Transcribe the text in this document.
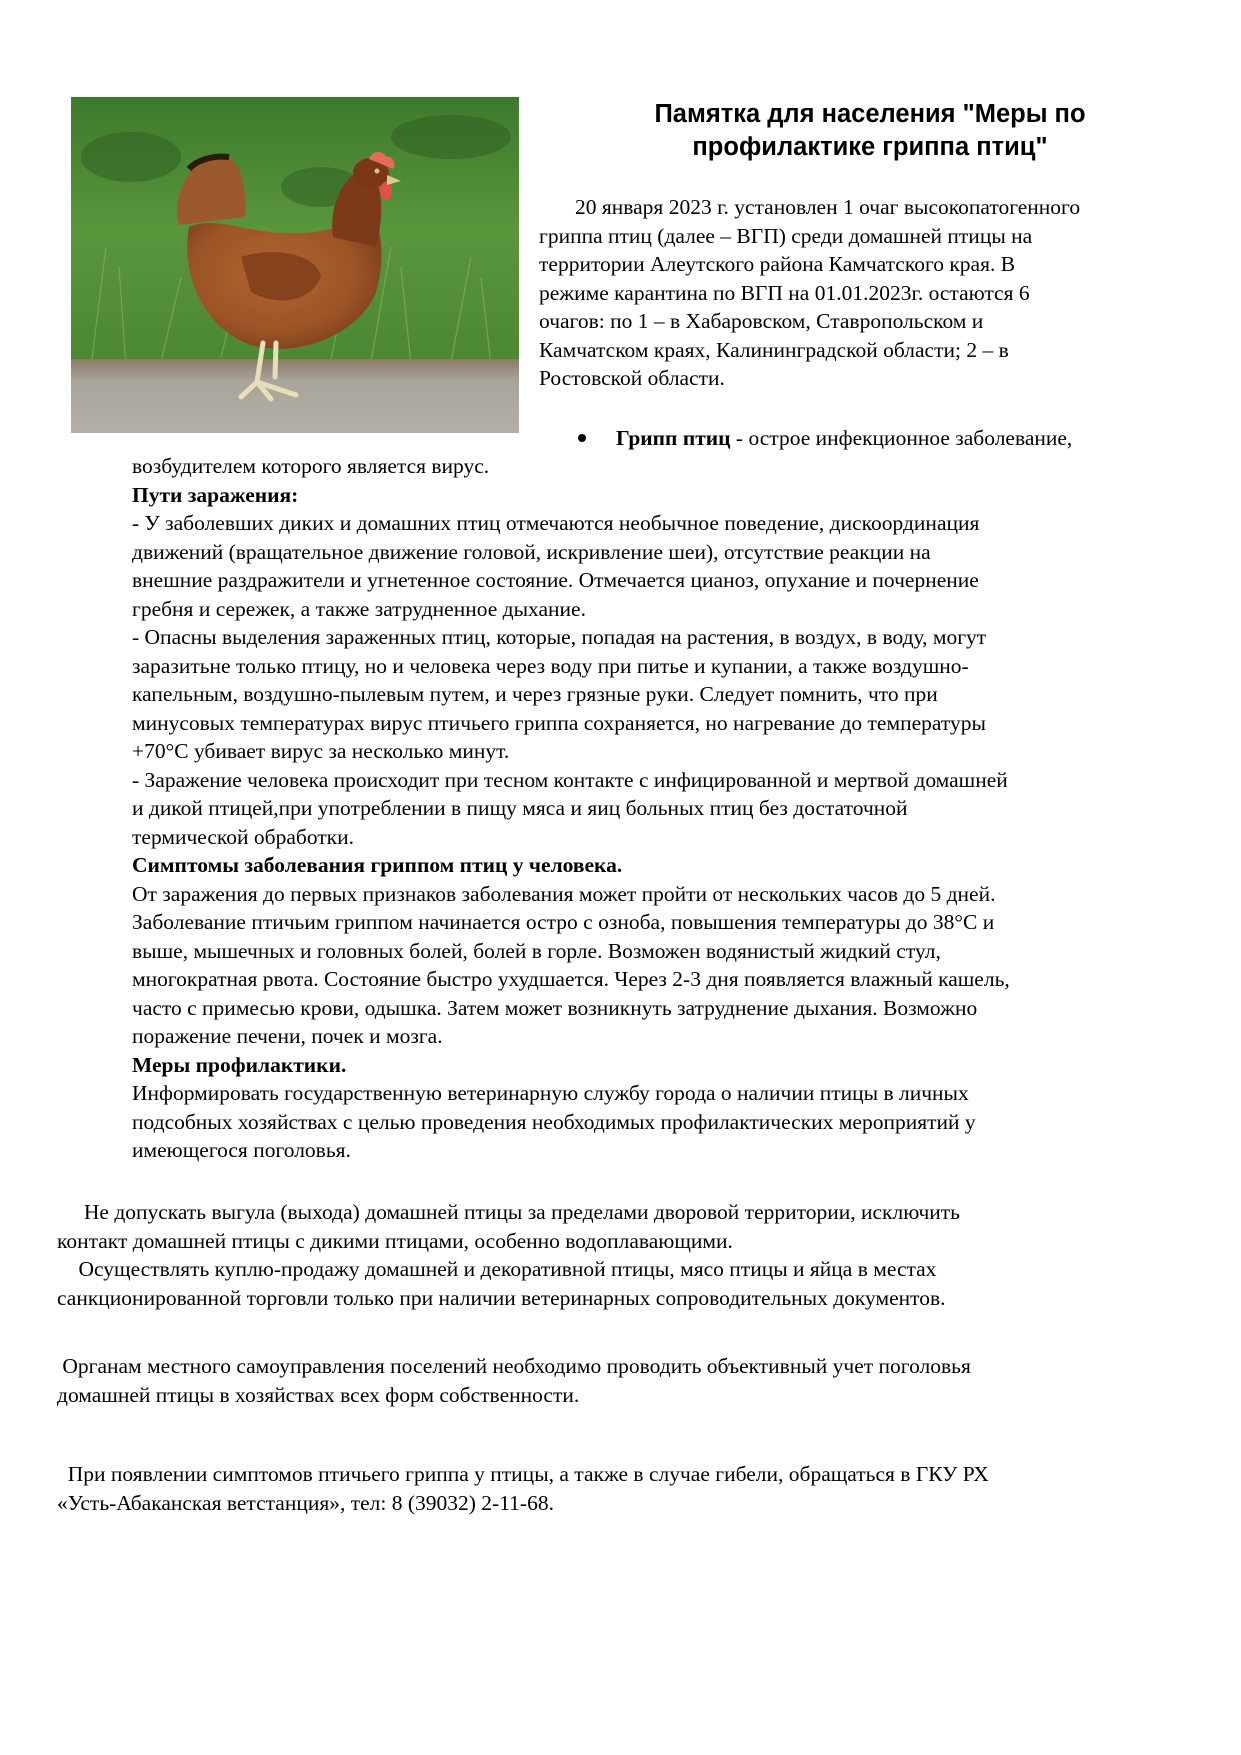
Памятка для населения "Меры по
профилактике гриппа птиц"
20 января 2023 г. установлен 1 очаг высокопатогенного
гриппа птиц (далее – ВГП) среди домашней птицы на
территории Алеутского района Камчатского края. В
режиме карантина по ВГП на 01.01.2023г. остаются 6
очагов: по 1 – в Хабаровском, Ставропольском и
Камчатском краях, Калининградской области; 2 – в
Ростовской области.
Грипп птиц - острое инфекционное заболевание,
возбудителем которого является вирус.
Пути заражения:
- У заболевших диких и домашних птиц отмечаются необычное поведение, дискоординация
движений (вращательное движение головой, искривление шеи), отсутствие реакции на
внешние раздражители и угнетенное состояние. Отмечается цианоз, опухание и почернение
гребня и сережек, а также затрудненное дыхание.
- Опасны выделения зараженных птиц, которые, попадая на растения, в воздух, в воду, могут
заразитьне только птицу, но и человека через воду при питье и купании, а также воздушно-
капельным, воздушно-пылевым путем, и через грязные руки. Следует помнить, что при
минусовых температурах вирус птичьего гриппа сохраняется, но нагревание до температуры
+70°С убивает вирус за несколько минут.
- Заражение человека происходит при тесном контакте с инфицированной и мертвой домашней
и дикой птицей,при употреблении в пищу мяса и яиц больных птиц без достаточной
термической обработки.
Симптомы заболевания гриппом птиц у человека.
От заражения до первых признаков заболевания может пройти от нескольких часов до 5 дней.
Заболевание птичьим гриппом начинается остро с озноба, повышения температуры до 38°С и
выше, мышечных и головных болей, болей в горле. Возможен водянистый жидкий стул,
многократная рвота. Состояние быстро ухудшается. Через 2-3 дня появляется влажный кашель,
часто с примесью крови, одышка. Затем может возникнуть затруднение дыхания. Возможно
поражение печени, почек и мозга.
Меры профилактики.
Информировать государственную ветеринарную службу города о наличии птицы в личных
подсобных хозяйствах с целью проведения необходимых профилактических мероприятий у
имеющегося поголовья.
Не допускать выгула (выхода) домашней птицы за пределами дворовой территории, исключить
контакт домашней птицы с дикими птицами, особенно водоплавающими.
Осуществлять куплю-продажу домашней и декоративной птицы, мясо птицы и яйца в местах
санкционированной торговли только при наличии ветеринарных сопроводительных документов.
Органам местного самоуправления поселений необходимо проводить объективный учет поголовья
домашней птицы в хозяйствах всех форм собственности.
При появлении симптомов птичьего гриппа у птицы, а также в случае гибели, обращаться в ГКУ РХ
«Усть-Абаканская ветстанция», тел: 8 (39032) 2-11-68.
